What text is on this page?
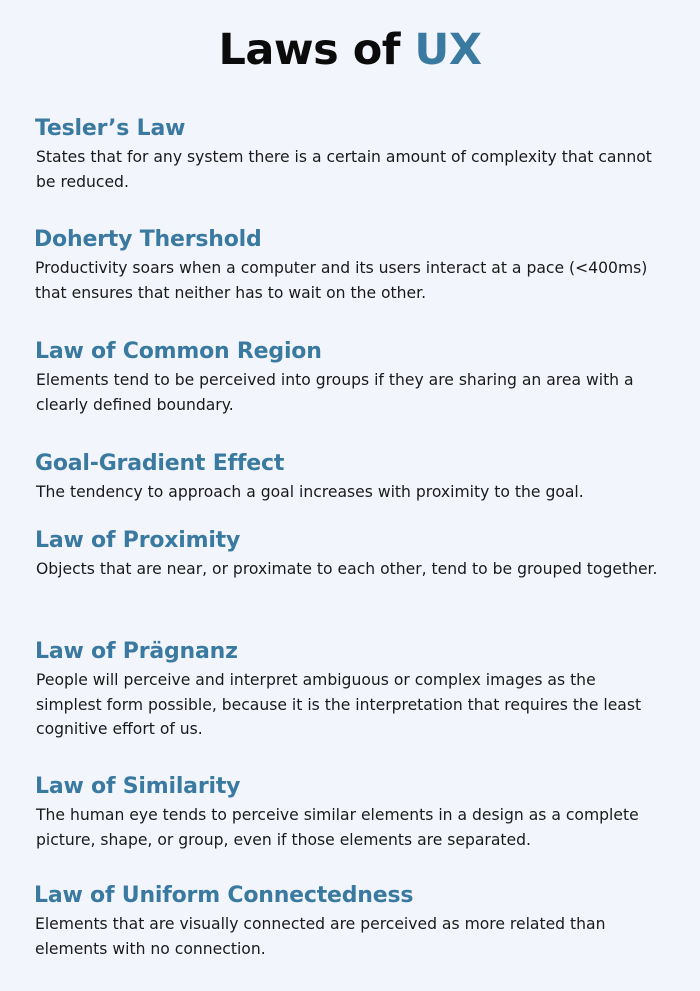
Laws of UX
Tesler’s Law

States that for any system there is a certain amount of complexity that cannot be reduced.

Doherty Thershold

Productivity soars when a computer and its users interact at a pace (<400ms) that ensures that neither has to wait on the other.

Law of Common Region

Elements tend to be perceived into groups if they are sharing an area with a clearly defined boundary.

Goal-Gradient Effect

The tendency to approach a goal increases with proximity to the goal.

Law of Proximity

Objects that are near, or proximate to each other, tend to be grouped together.

Law of Prägnanz

People will perceive and interpret ambiguous or complex images as the simplest form possible, because it is the interpretation that requires the least cognitive effort of us.

Law of Similarity

The human eye tends to perceive similar elements in a design as a complete picture, shape, or group, even if those elements are separated.

Law of Uniform Connectedness

Elements that are visually connected are perceived as more related than elements with no connection.
